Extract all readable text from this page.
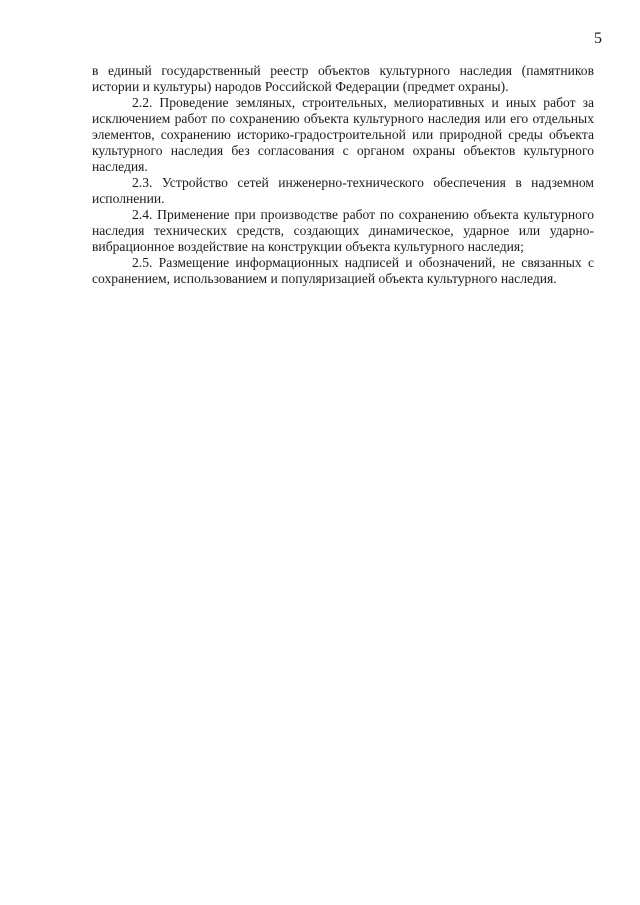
5

в единый государственный реестр объектов культурного наследия (памятников истории и культуры) народов Российской Федерации (предмет охраны).

2.2. Проведение земляных, строительных, мелиоративных и иных работ за исключением работ по сохранению объекта культурного наследия или его отдельных элементов, сохранению историко-градостроительной или природной среды объекта культурного наследия без согласования с органом охраны объектов культурного наследия.

2.3. Устройство сетей инженерно-технического обеспечения в надземном исполнении.

2.4. Применение при производстве работ по сохранению объекта культурного наследия технических средств, создающих динамическое, ударное или ударно-вибрационное воздействие на конструкции объекта культурного наследия;

2.5. Размещение информационных надписей и обозначений, не связанных с сохранением, использованием и популяризацией объекта культурного наследия.
